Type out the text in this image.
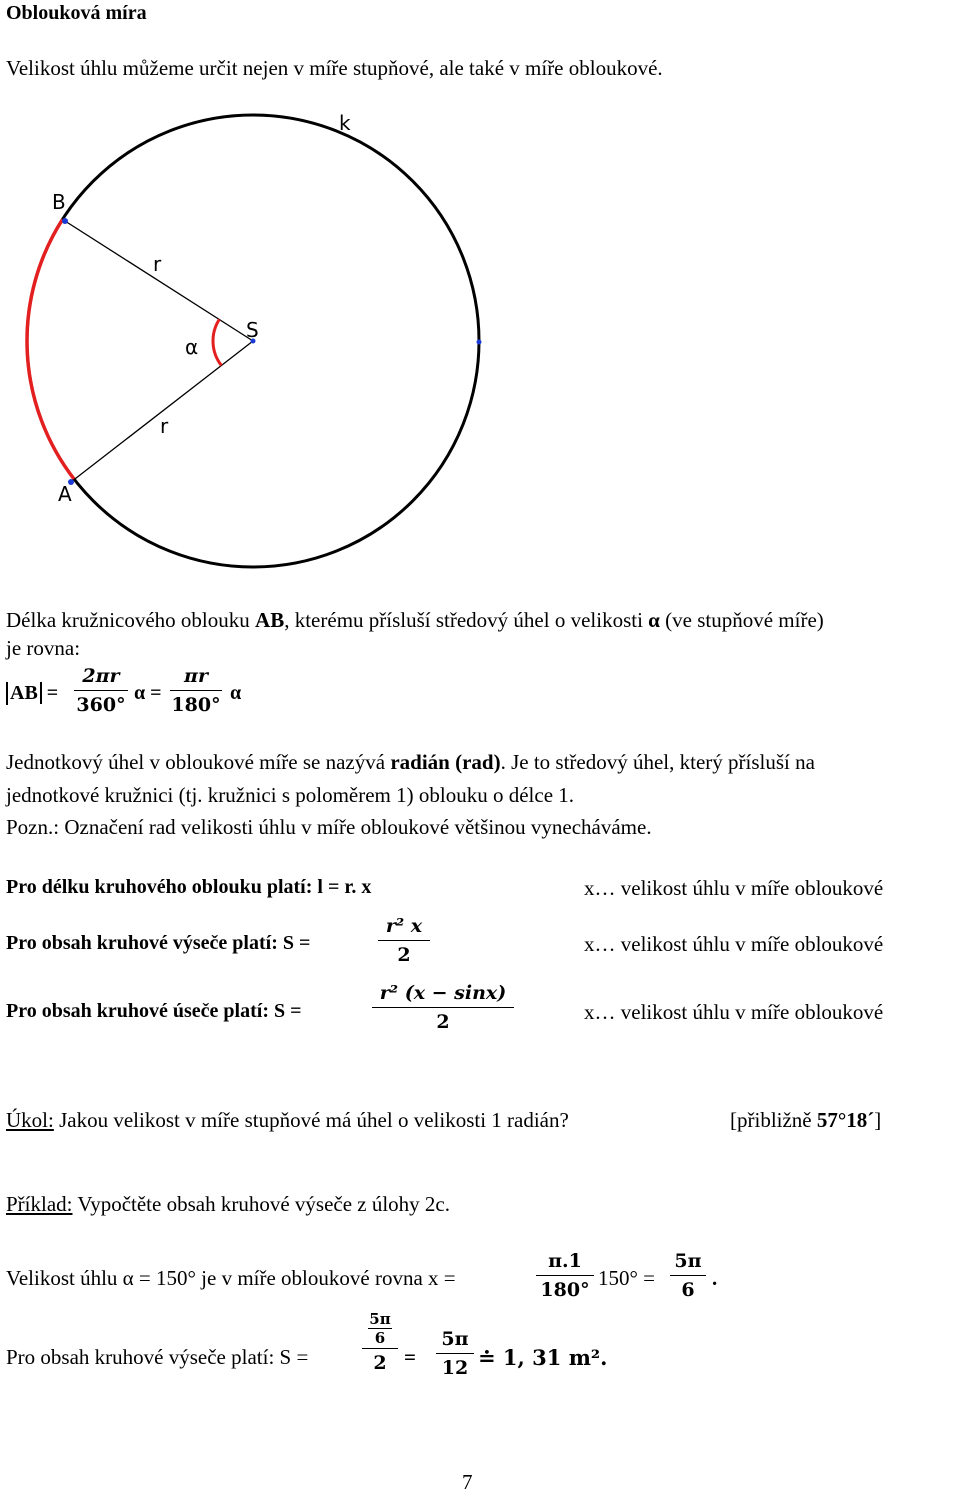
Oblouková míra
Velikost úhlu můžeme určit nejen v míře stupňové, ale také v míře obloukové.
k
B
A
S
α
r
r
Délka kružnicového oblouku AB, kterému přísluší středový úhel o velikosti α (ve stupňové míře)
je rovna:
AB =
2πr
360°
α =
πr
180°
α
Jednotkový úhel v obloukové míře se nazývá radián (rad). Je to středový úhel, který přísluší na
jednotkové kružnici (tj. kružnici s poloměrem 1) oblouku o délce 1.
Pozn.: Označení rad velikosti úhlu v míře obloukové většinou vynecháváme.
Pro délku kruhového oblouku platí: l = r. x	x… velikost úhlu v míře obloukové
Pro obsah kruhové výseče platí: S =
r² x
2	x… velikost úhlu v míře obloukové
Pro obsah kruhové úseče platí: S =
r² (x − sinx)
2	x… velikost úhlu v míře obloukové
Úkol: Jakou velikost v míře stupňové má úhel o velikosti 1 radián?	[přibližně 57°18´]
Příklad: Vypočtěte obsah kruhové výseče z úlohy 2c.
Velikost úhlu α = 150° je v míře obloukové rovna x =
π.1
180° 150° =
5π
6 .
Pro obsah kruhové výseče platí: S =
5π
6
2 =
5π
12 ≐ 1, 31 m².
7
